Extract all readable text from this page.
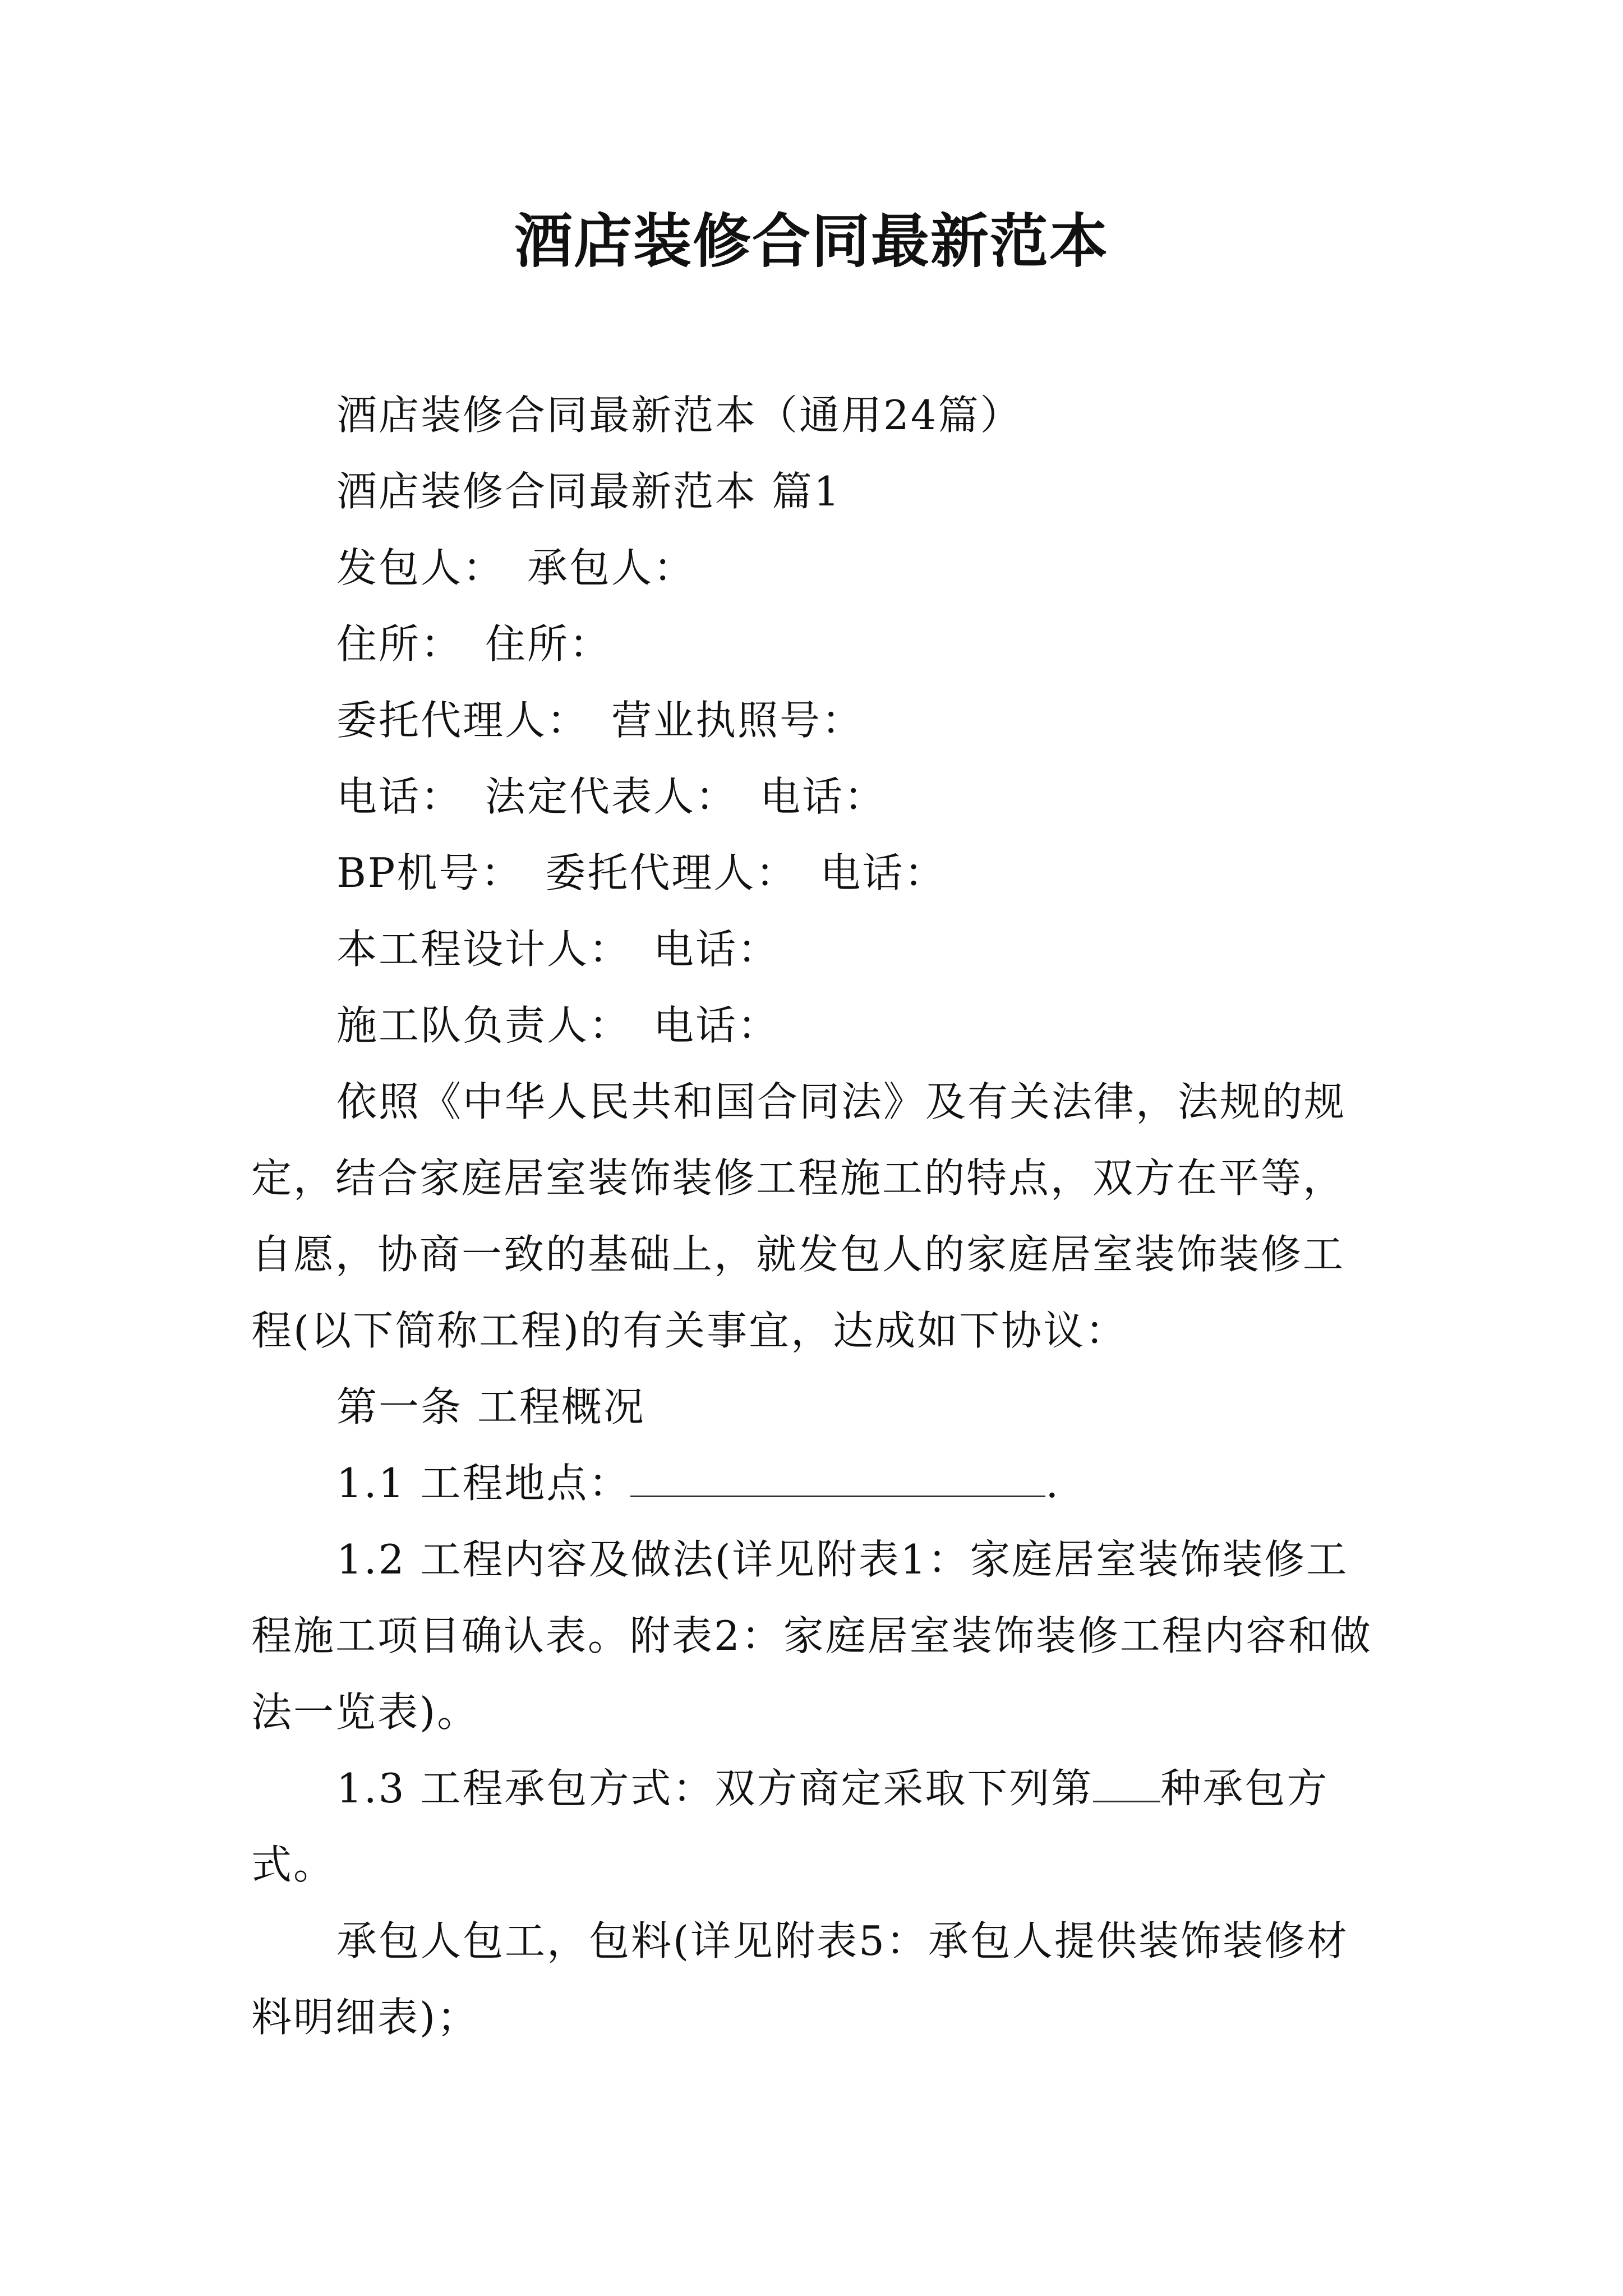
酒店装修合同最新范本

酒店装修合同最新范本（通用24篇）

酒店装修合同最新范本 篇1

发包人： 承包人：

住所： 住所：

委托代理人： 营业执照号：

电话： 法定代表人： 电话：

BP机号： 委托代理人： 电话：

本工程设计人： 电话：

施工队负责人： 电话：

依照《中华人民共和国合同法》及有关法律，法规的规定，结合家庭居室装饰装修工程施工的特点，双方在平等，自愿，协商一致的基础上，就发包人的家庭居室装饰装修工程(以下简称工程)的有关事宜，达成如下协议：

第一条 工程概况

1.1 工程地点：	.

1.2 工程内容及做法(详见附表1：家庭居室装饰装修工程施工项目确认表。附表2：家庭居室装饰装修工程内容和做法一览表)。

1.3 工程承包方式：双方商定采取下列第 种承包方式。

承包人包工，包料(详见附表5：承包人提供装饰装修材料明细表)；
